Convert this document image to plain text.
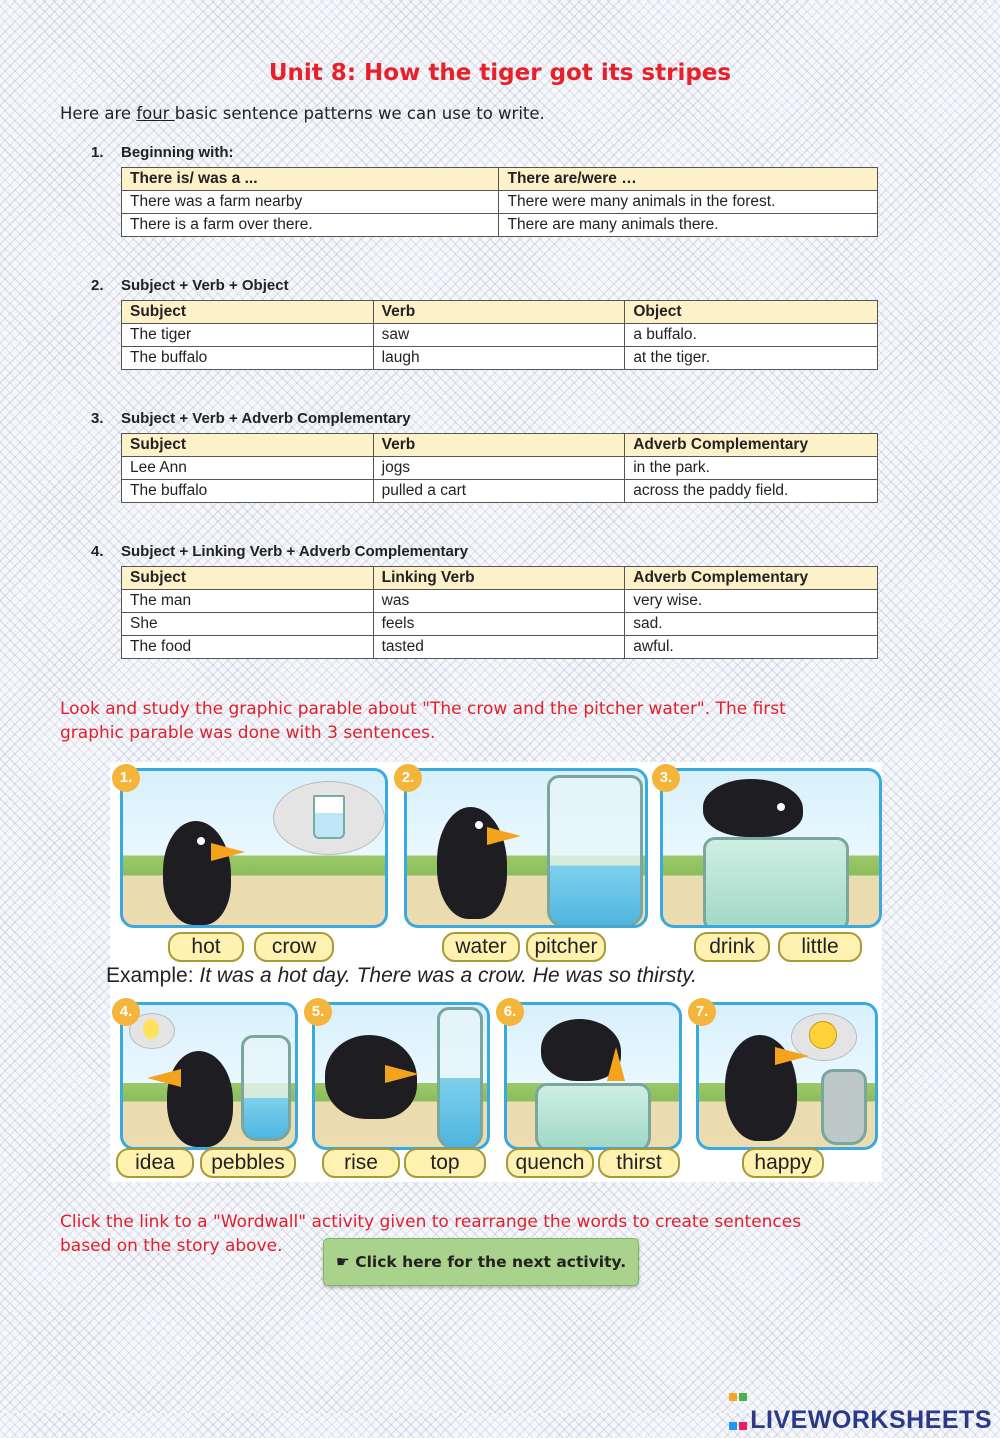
Unit 8: How the tiger got its stripes
Here are four basic sentence patterns we can use to write.
1. Beginning with:
There is/ was a ...	There are/were …
There was a farm nearby	There were many animals in the forest.
There is a farm over there.	There are many animals there.
2. Subject + Verb + Object
Subject	Verb	Object
The tiger	saw	a buffalo.
The buffalo	laugh	at the tiger.
3. Subject + Verb + Adverb Complementary
Subject	Verb	Adverb Complementary
Lee Ann	jogs	in the park.
The buffalo	pulled a cart	across the paddy field.
4. Subject + Linking Verb + Adverb Complementary
Subject	Linking Verb	Adverb Complementary
The man	was	very wise.
She	feels	sad.
The food	tasted	awful.
Look and study the graphic parable about "The crow and the pitcher water". The first
graphic parable was done with 3 sentences.
1.	2.	3.
hot	crow	water	pitcher	drink	little
Example: It was a hot day. There was a crow. He was so thirsty.
4.	5.	6.	7.
idea	pebbles	rise	top	quench	thirst	happy
Click the link to a "Wordwall" activity given to rearrange the words to create sentences
based on the story above.
☛ Click here for the next activity.

LIVEWORKSHEETS
